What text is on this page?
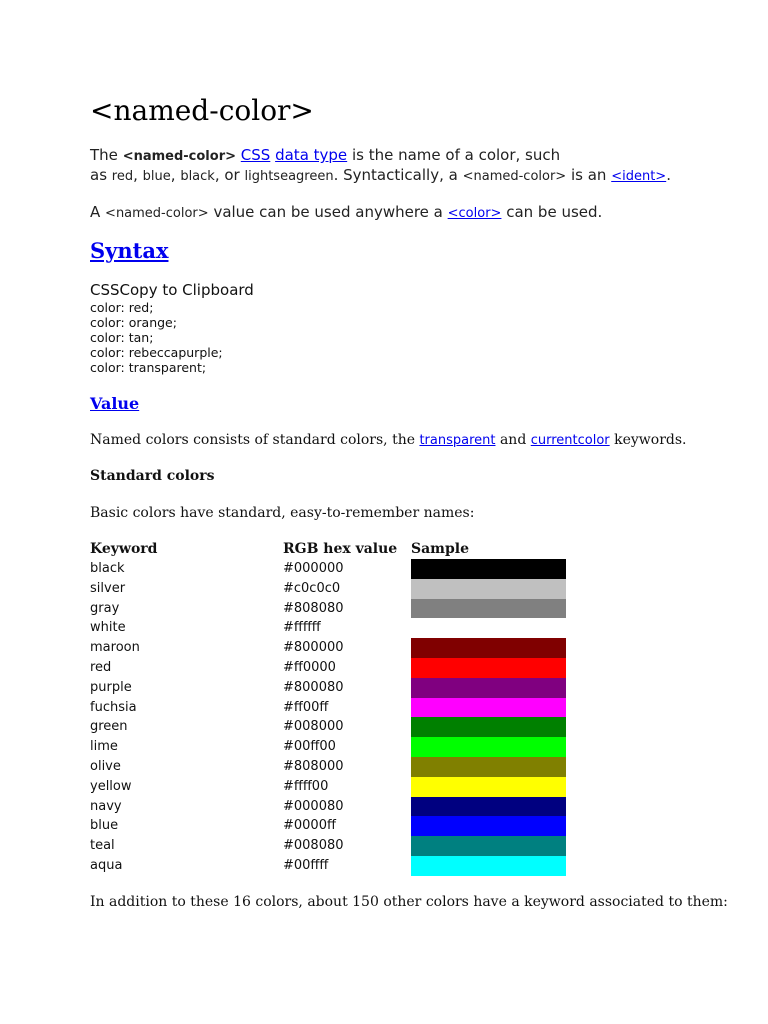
<named-color>

The <named-color> CSS data type is the name of a color, such
as red, blue, black, or lightseagreen. Syntactically, a <named-color> is an <ident>.

A <named-color> value can be used anywhere a <color> can be used.

Syntax
CSSCopy to Clipboard
color: red;
color: orange;
color: tan;
color: rebeccapurple;
color: transparent;
Value

Named colors consists of standard colors, the transparent and currentcolor keywords.

Standard colors

Basic colors have standard, easy-to-remember names:

Keyword	RGB hex value	Sample
black	#000000	

silver	#c0c0c0	

gray	#808080	

white	#ffffff	

maroon	#800000	

red	#ff0000	

purple	#800080	

fuchsia	#ff00ff	

green	#008000	

lime	#00ff00	

olive	#808000	

yellow	#ffff00	

navy	#000080	

blue	#0000ff	

teal	#008080	

aqua	#00ffff	

In addition to these 16 colors, about 150 other colors have a keyword associated to them:
